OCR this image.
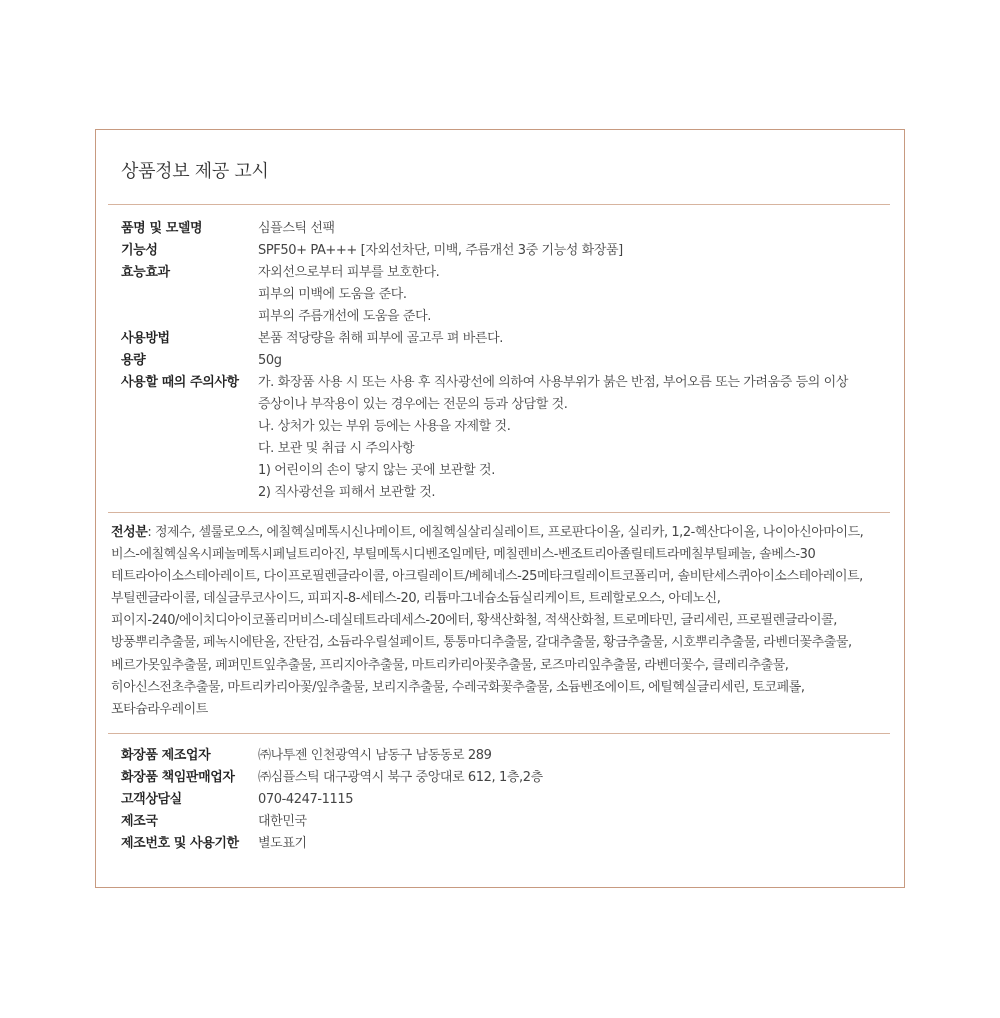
상품정보 제공 고시
품명 및 모델명	심플스틱 선팩
기능성	SPF50+ PA+++ [자외선차단, 미백, 주름개선 3중 기능성 화장품]
효능효과	자외선으로부터 피부를 보호한다.
피부의 미백에 도움을 준다.
피부의 주름개선에 도움을 준다.
사용방법	본품 적당량을 취해 피부에 골고루 펴 바른다.
용량	50g
사용할 때의 주의사항	가. 화장품 사용 시 또는 사용 후 직사광선에 의하여 사용부위가 붉은 반점, 부어오름 또는 가려움증 등의 이상
증상이나 부작용이 있는 경우에는 전문의 등과 상담할 것.
나. 상처가 있는 부위 등에는 사용을 자제할 것.
다. 보관 및 취급 시 주의사항
1) 어린이의 손이 닿지 않는 곳에 보관할 것.
2) 직사광선을 피해서 보관할 것.
전성분: 정제수, 셀룰로오스, 에칠헥실메톡시신나메이트, 에칠헥실살리실레이트, 프로판다이올, 실리카, 1,2-헥산다이올, 나이아신아마이드,
비스-에칠헥실옥시페놀메톡시페닐트리아진, 부틸메톡시디벤조일메탄, 메칠렌비스-벤조트리아졸릴테트라메칠부틸페놀, 솔베스-30
테트라아이소스테아레이트, 다이프로필렌글라이콜, 아크릴레이트/베헤네스-25메타크릴레이트코폴리머, 솔비탄세스퀴아이소스테아레이트,
부틸렌글라이콜, 데실글루코사이드, 피피지-8-세테스-20, 리튬마그네슘소듐실리케이트, 트레할로오스, 아데노신,
피이지-240/에이치디아이코폴리머비스-데실테트라데세스-20에터, 황색산화철, 적색산화철, 트로메타민, 글리세린, 프로필렌글라이콜,
방풍뿌리추출물, 페녹시에탄올, 잔탄검, 소듐라우릴설페이트, 통통마디추출물, 갈대추출물, 황금추출물, 시호뿌리추출물, 라벤더꽃추출물,
베르가못잎추출물, 페퍼민트잎추출물, 프리지아추출물, 마트리카리아꽃추출물, 로즈마리잎추출물, 라벤더꽃수, 클레리추출물,
히아신스전초추출물, 마트리카리아꽃/잎추출물, 보리지추출물, 수레국화꽃추출물, 소듐벤조에이트, 에틸헥실글리세린, 토코페롤,
포타슘라우레이트
화장품 제조업자	㈜나투젠 인천광역시 남동구 남동동로 289
화장품 책임판매업자	㈜심플스틱 대구광역시 북구 중앙대로 612, 1층,2층
고객상담실	070-4247-1115
제조국	대한민국
제조번호 및 사용기한	별도표기
